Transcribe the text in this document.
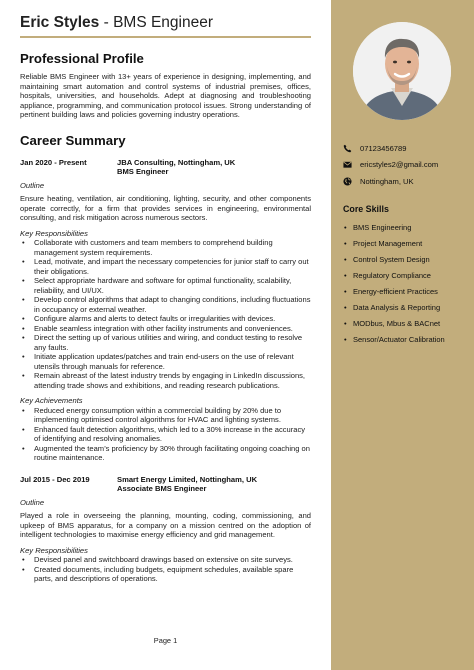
Eric Styles - BMS Engineer
Professional Profile

Reliable BMS Engineer with 13+ years of experience in designing, implementing, and maintaining smart automation and control systems of industrial premises, offices, hospitals, universities, and households. Adept at diagnosing and troubleshooting appliance, programming, and communication protocol issues. Strong understanding of pertinent building laws and policies governing industry operations.

Career Summary
Jan 2020 - Present	JBA Consulting, Nottingham, UK
BMS Engineer
Outline

Ensure heating, ventilation, air conditioning, lighting, security, and other components operate correctly, for a firm that provides services in engineering, environmental consulting, and risk mitigation across numerous sectors.

Key Responsibilities
• Collaborate with customers and team members to comprehend building management system requirements.
• Lead, motivate, and impart the necessary competencies for junior staff to carry out their obligations.
• Select appropriate hardware and software for optimal functionality, scalability, reliability, and UI/UX.
• Develop control algorithms that adapt to changing conditions, including fluctuations in occupancy or external weather.
• Configure alarms and alerts to detect faults or irregularities with devices.
• Enable seamless integration with other facility instruments and conveniences.
• Direct the setting up of various utilities and wiring, and conduct testing to resolve any faults.
• Initiate application updates/patches and train end-users on the use of relevant utensils through manuals for reference.
• Remain abreast of the latest industry trends by engaging in LinkedIn discussions, attending trade shows and exhibitions, and reading research publications.
Key Achievements
• Reduced energy consumption within a commercial building by 20% due to implementing optimised control algorithms for HVAC and lighting systems.
• Enhanced fault detection algorithms, which led to a 30% increase in the accuracy of identifying and resolving anomalies.
• Augmented the team’s proficiency by 30% through facilitating ongoing coaching on routine maintenance.
Jul 2015 - Dec 2019	Smart Energy Limited, Nottingham, UK
Associate BMS Engineer
Outline

Played a role in overseeing the planning, mounting, coding, commissioning, and upkeep of BMS apparatus, for a company on a mission centred on the adoption of intelligent technologies to maximise energy efficiency and grid management.

Key Responsibilities
• Devised panel and switchboard drawings based on extensive on site surveys.
• Created documents, including budgets, equipment schedules, available spare parts, and descriptions of operations.
Page 1
07123456789
ericstyles2@gmail.com
Nottingham, UK
Core Skills
• BMS Engineering
• Project Management
• Control System Design
• Regulatory Compliance
• Energy-efficient Practices
• Data Analysis & Reporting
• MODbus, Mbus & BACnet
• Sensor/Actuator Calibration
